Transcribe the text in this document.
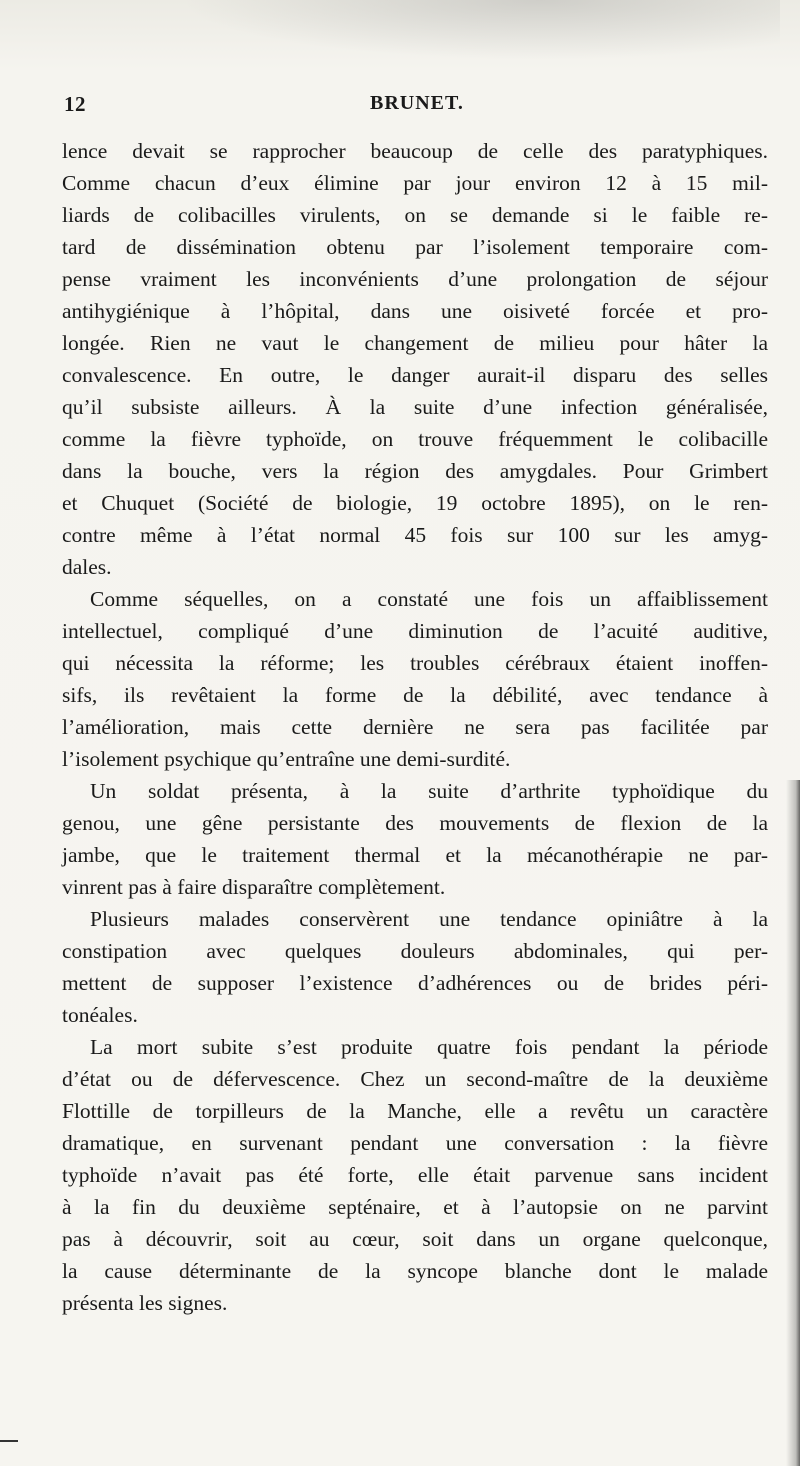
12	BRUNET.
lence devait se rapprocher beaucoup de celle des paratyphiques.
Comme chacun d’eux élimine par jour environ 12 à 15 mil-
liards de colibacilles virulents, on se demande si le faible re-
tard de dissémination obtenu par l’isolement temporaire com-
pense vraiment les inconvénients d’une prolongation de séjour
antihygiénique à l’hôpital, dans une oisiveté forcée et pro-
longée. Rien ne vaut le changement de milieu pour hâter la
convalescence. En outre, le danger aurait-il disparu des selles
qu’il subsiste ailleurs. À la suite d’une infection généralisée,
comme la fièvre typhoïde, on trouve fréquemment le colibacille
dans la bouche, vers la région des amygdales. Pour Grimbert
et Chuquet (Société de biologie, 19 octobre 1895), on le ren-
contre même à l’état normal 45 fois sur 100 sur les amyg-
dales.
Comme séquelles, on a constaté une fois un affaiblissement
intellectuel, compliqué d’une diminution de l’acuité auditive,
qui nécessita la réforme; les troubles cérébraux étaient inoffen-
sifs, ils revêtaient la forme de la débilité, avec tendance à
l’amélioration, mais cette dernière ne sera pas facilitée par
l’isolement psychique qu’entraîne une demi-surdité.
Un soldat présenta, à la suite d’arthrite typhoïdique du
genou, une gêne persistante des mouvements de flexion de la
jambe, que le traitement thermal et la mécanothérapie ne par-
vinrent pas à faire disparaître complètement.
Plusieurs malades conservèrent une tendance opiniâtre à la
constipation avec quelques douleurs abdominales, qui per-
mettent de supposer l’existence d’adhérences ou de brides péri-
tonéales.
La mort subite s’est produite quatre fois pendant la période
d’état ou de défervescence. Chez un second-maître de la deuxième
Flottille de torpilleurs de la Manche, elle a revêtu un caractère
dramatique, en survenant pendant une conversation : la fièvre
typhoïde n’avait pas été forte, elle était parvenue sans incident
à la fin du deuxième septénaire, et à l’autopsie on ne parvint
pas à découvrir, soit au cœur, soit dans un organe quelconque,
la cause déterminante de la syncope blanche dont le malade
présenta les signes.
